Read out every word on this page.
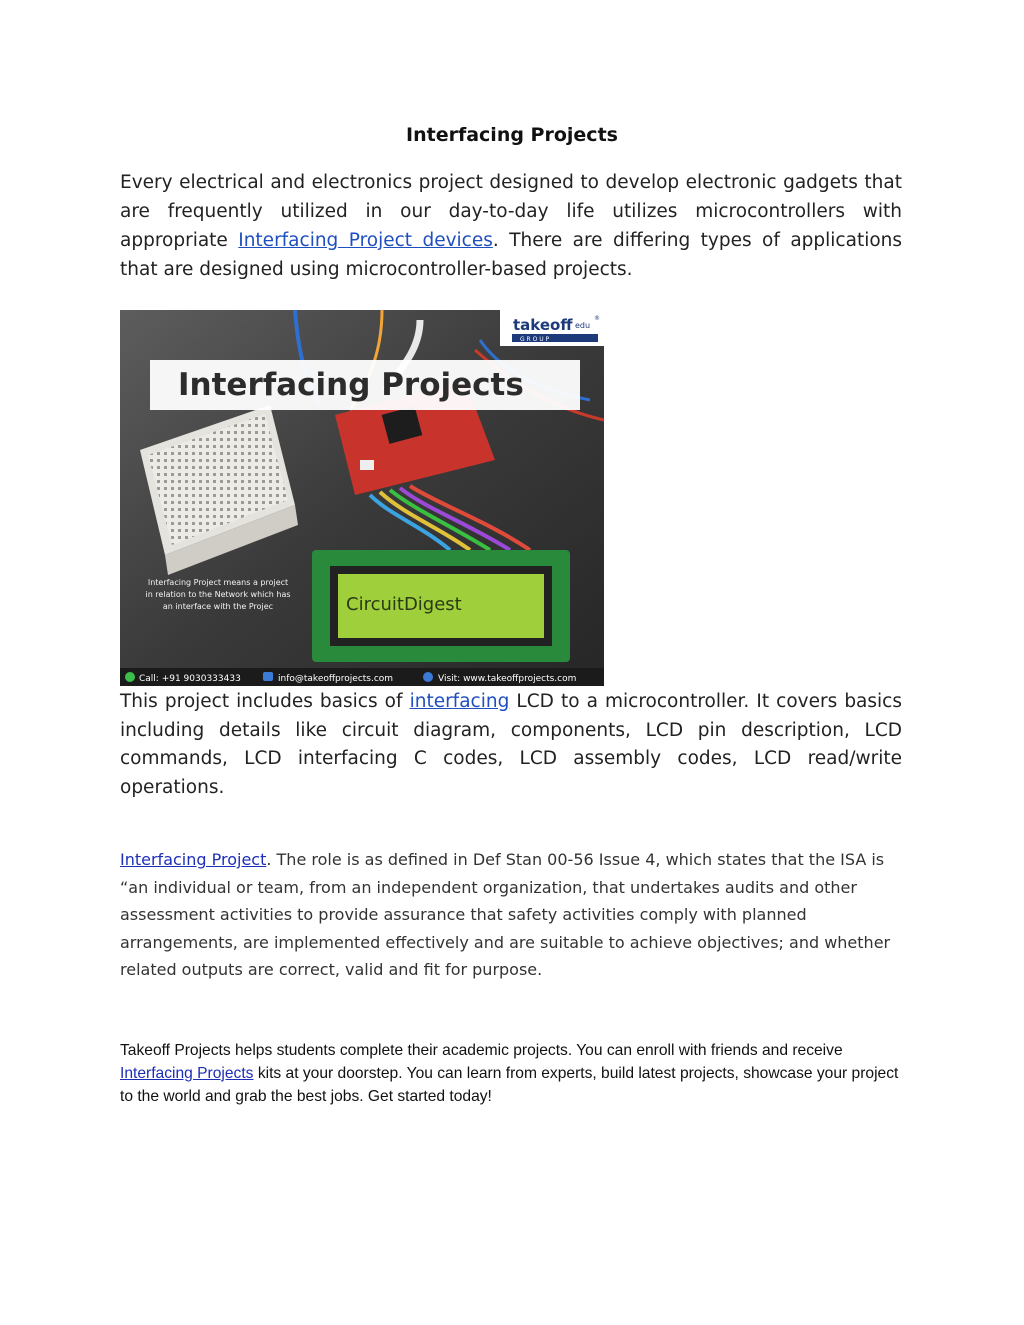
Interfacing Projects
Every electrical and electronics project designed to develop electronic gadgets that are frequently utilized in our day-to-day life utilizes microcontrollers with appropriate Interfacing Project devices. There are differing types of applications that are designed using microcontroller-based projects.
Interfacing Projects
takeoff edu
®
G R O U P
CircuitDigest
Interfacing Project means a project
in relation to the Network which has
an interface with the Projec
Call: +91 9030333433	info@takeoffprojects.com	Visit: www.takeoffprojects.com
This project includes basics of interfacing LCD to a microcontroller. It covers basics including details like circuit diagram, components, LCD pin description, LCD commands, LCD interfacing C codes, LCD assembly codes, LCD read/write operations.
Interfacing Project. The role is as defined in Def Stan 00-56 Issue 4, which states that the ISA is “an individual or team, from an independent organization, that undertakes audits and other assessment activities to provide assurance that safety activities comply with planned arrangements, are implemented effectively and are suitable to achieve objectives; and whether related outputs are correct, valid and fit for purpose.
Takeoff Projects helps students complete their academic projects. You can enroll with friends and receive Interfacing Projects kits at your doorstep. You can learn from experts, build latest projects, showcase your project to the world and grab the best jobs. Get started today!
